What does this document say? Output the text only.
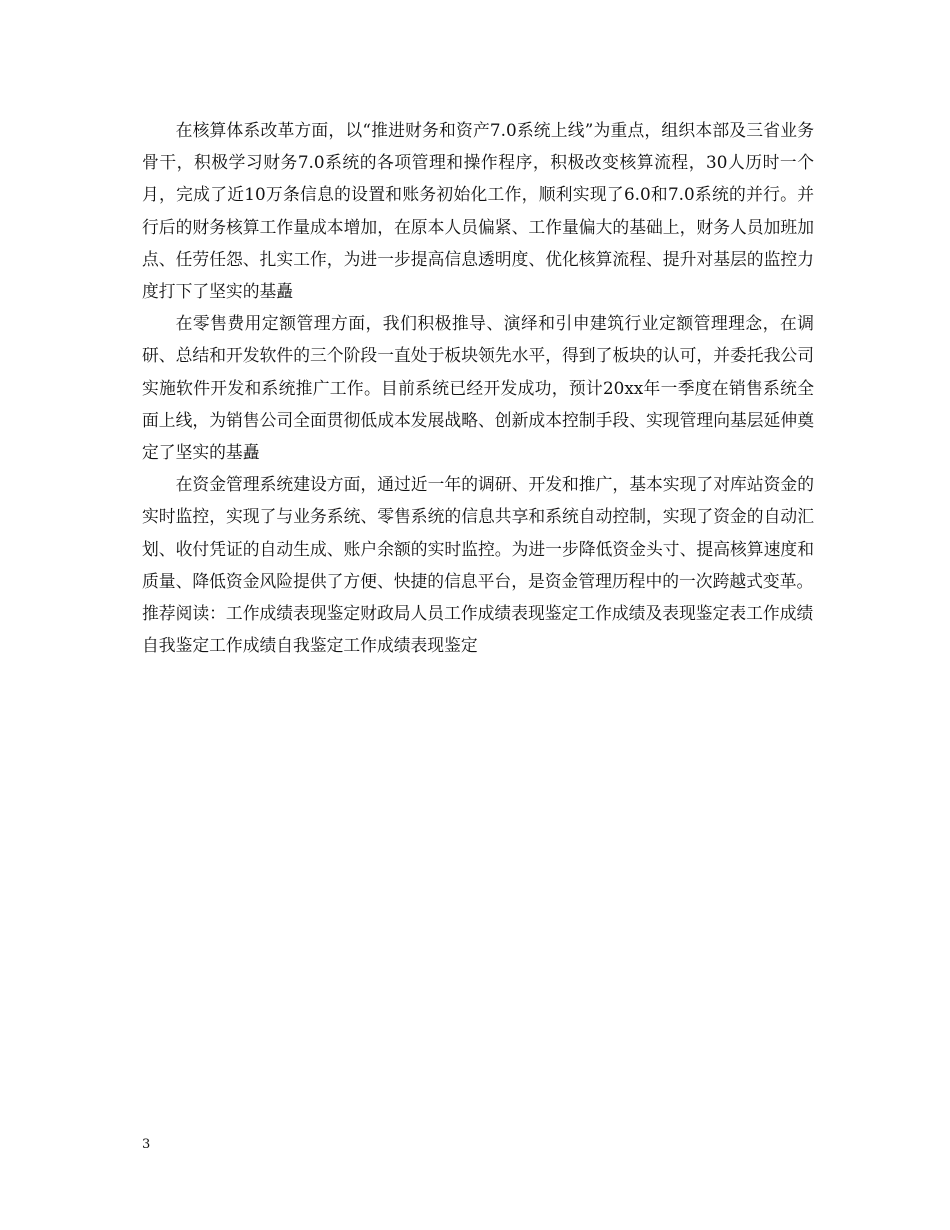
在核算体系改革方面，以“推进财务和资产7.0系统上线”为重点，组织本部及三省业务骨干，积极学习财务7.0系统的各项管理和操作程序，积极改变核算流程，30人历时一个月，完成了近10万条信息的设置和账务初始化工作，顺利实现了6.0和7.0系统的并行。并行后的财务核算工作量成本增加，在原本人员偏紧、工作量偏大的基础上，财务人员加班加点、任劳任怨、扎实工作，为进一步提高信息透明度、优化核算流程、提升对基层的监控力度打下了坚实的基矗

在零售费用定额管理方面，我们积极推导、演绎和引申建筑行业定额管理理念，在调研、总结和开发软件的三个阶段一直处于板块领先水平，得到了板块的认可，并委托我公司实施软件开发和系统推广工作。目前系统已经开发成功，预计20xx年一季度在销售系统全面上线，为销售公司全面贯彻低成本发展战略、创新成本控制手段、实现管理向基层延伸奠定了坚实的基矗

在资金管理系统建设方面，通过近一年的调研、开发和推广，基本实现了对库站资金的实时监控，实现了与业务系统、零售系统的信息共享和系统自动控制，实现了资金的自动汇划、收付凭证的自动生成、账户余额的实时监控。为进一步降低资金头寸、提高核算速度和质量、降低资金风险提供了方便、快捷的信息平台，是资金管理历程中的一次跨越式变革。

推荐阅读：工作成绩表现鉴定财政局人员工作成绩表现鉴定工作成绩及表现鉴定表工作成绩自我鉴定工作成绩自我鉴定工作成绩表现鉴定

3
